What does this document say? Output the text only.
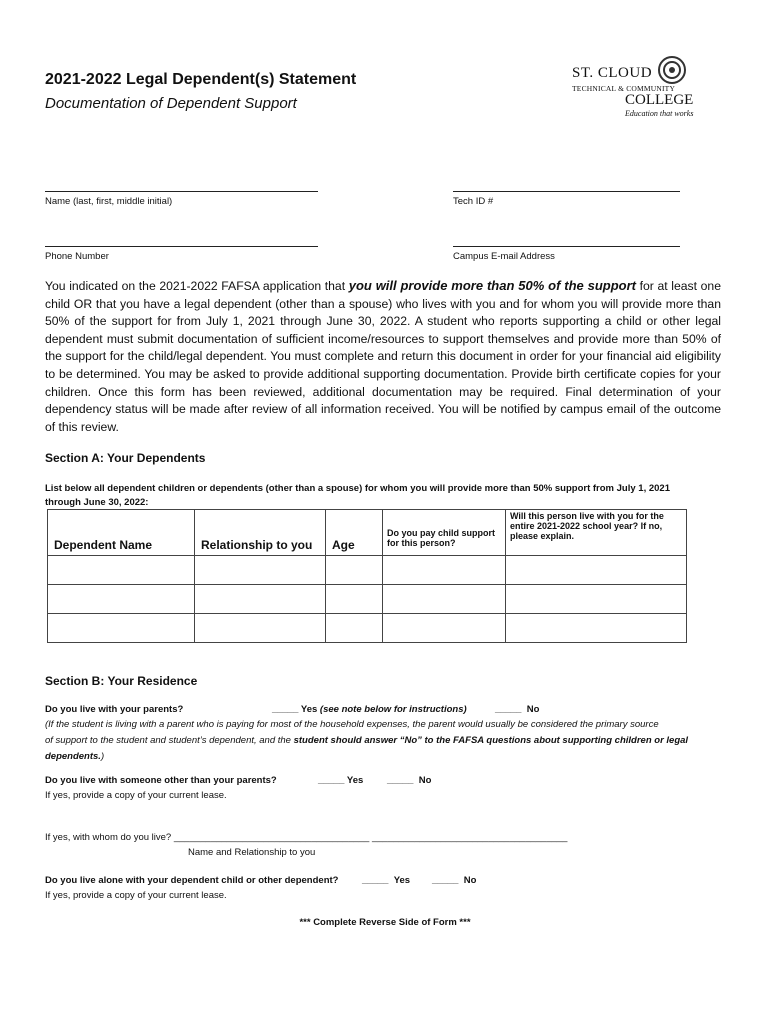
2021-2022 Legal Dependent(s) Statement
Documentation of Dependent Support
ST. CLOUD
TECHNICAL & COMMUNITY
COLLEGE
Education that works
Name (last, first, middle initial)	Tech ID #
Phone Number	Campus E-mail Address
You indicated on the 2021-2022 FAFSA application that you will provide more than 50% of the support for at least one child OR that you have a legal dependent (other than a spouse) who lives with you and for whom you will provide more than 50% of the support for from July 1, 2021 through June 30, 2022. A student who reports supporting a child or other legal dependent must submit documentation of sufficient income/resources to support themselves and provide more than 50% of the support for the child/legal dependent. You must complete and return this document in order for your financial aid eligibility to be determined. You may be asked to provide additional supporting documentation. Provide birth certificate copies for your children. Once this form has been reviewed, additional documentation may be required. Final determination of your dependency status will be made after review of all information received. You will be notified by campus email of the outcome of this review.
Section A: Your Dependents
List below all dependent children or dependents (other than a spouse) for whom you will provide more than 50% support from July 1, 2021
through June 30, 2022:
Dependent Name	Relationship to you	Age	Do you pay child support for this person?	Will this person live with you for the entire 2021-2022 school year? If no, please explain.

Section B: Your Residence
Do you live with your parents?	_____ Yes (see note below for instructions)	_____ No
(If the student is living with a parent who is paying for most of the household expenses, the parent would usually be considered the primary source
of support to the student and student’s dependent, and the student should answer “No” to the FAFSA questions about supporting children or legal
dependents.)
Do you live with someone other than your parents?	_____ Yes _____ No
If yes, provide a copy of your current lease.
If yes, with whom do you live? _____________________________________ _____________________________________
Name and Relationship to you
Do you live alone with your dependent child or other dependent? _____ Yes _____ No
If yes, provide a copy of your current lease.
*** Complete Reverse Side of Form ***
